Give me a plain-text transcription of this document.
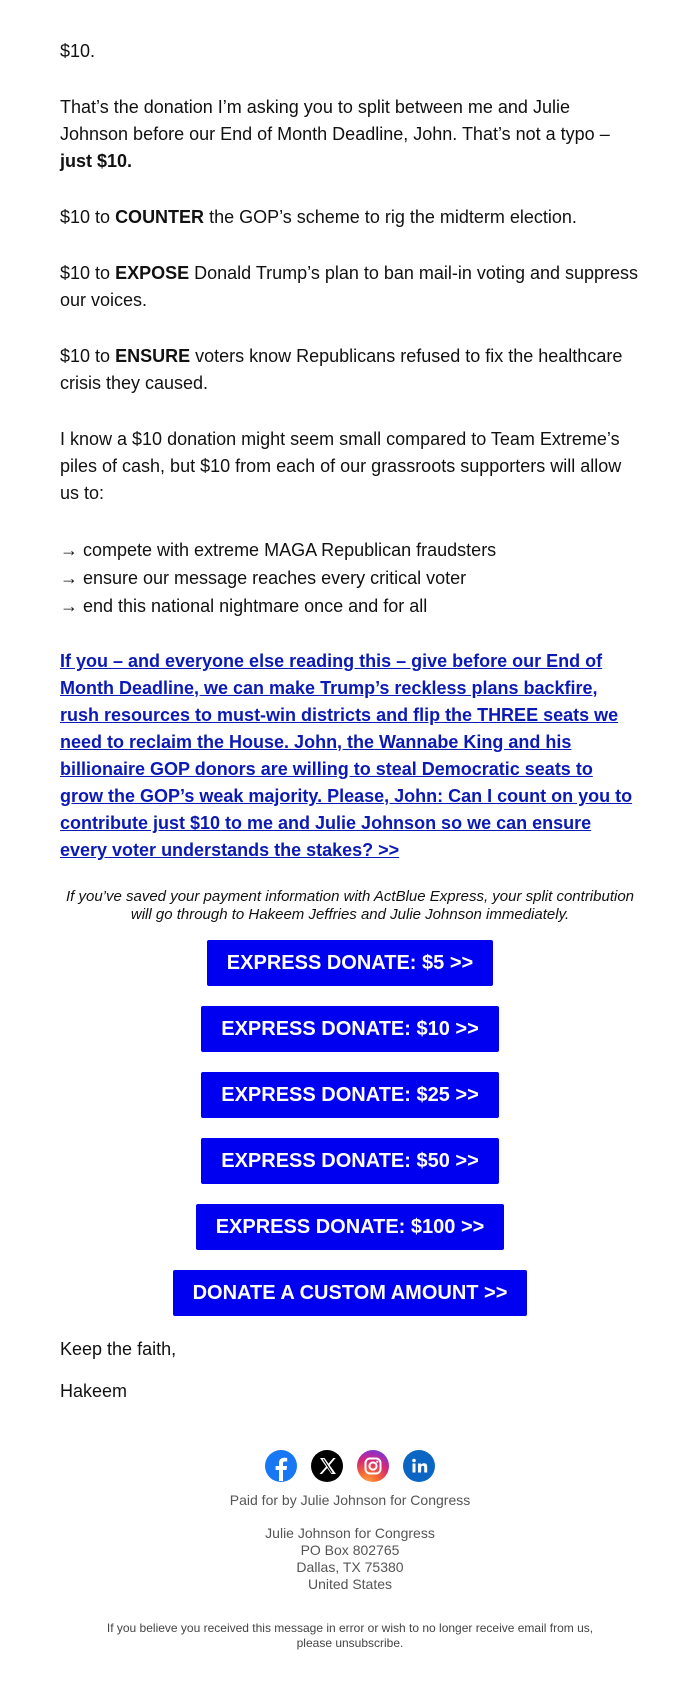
$10.

That’s the donation I’m asking you to split between me and Julie Johnson before our End of Month Deadline, John. That’s not a typo – just $10.

$10 to COUNTER the GOP’s scheme to rig the midterm election.

$10 to EXPOSE Donald Trump’s plan to ban mail-in voting and suppress our voices.

$10 to ENSURE voters know Republicans refused to fix the healthcare crisis they caused.

I know a $10 donation might seem small compared to Team Extreme’s piles of cash, but $10 from each of our grassroots supporters will allow us to:

→ compete with extreme MAGA Republican fraudsters
→ ensure our message reaches every critical voter
→ end this national nightmare once and for all
If you – and everyone else reading this – give before our End of Month Deadline, we can make Trump’s reckless plans backfire, rush resources to must-win districts and flip the THREE seats we need to reclaim the House. John, the Wannabe King and his billionaire GOP donors are willing to steal Democratic seats to grow the GOP’s weak majority. Please, John: Can I count on you to contribute just $10 to me and Julie Johnson so we can ensure every voter understands the stakes? >>

If you’ve saved your payment information with ActBlue Express, your split contribution will go through to Hakeem Jeffries and Julie Johnson immediately.

EXPRESS DONATE: $5 >>
EXPRESS DONATE: $10 >>
EXPRESS DONATE: $25 >>
EXPRESS DONATE: $50 >>
EXPRESS DONATE: $100 >>
DONATE A CUSTOM AMOUNT >>

Keep the faith,

Hakeem

Paid for by Julie Johnson for Congress

Julie Johnson for Congress
PO Box 802765
Dallas, TX 75380
United States

If you believe you received this message in error or wish to no longer receive email from us, please unsubscribe.
